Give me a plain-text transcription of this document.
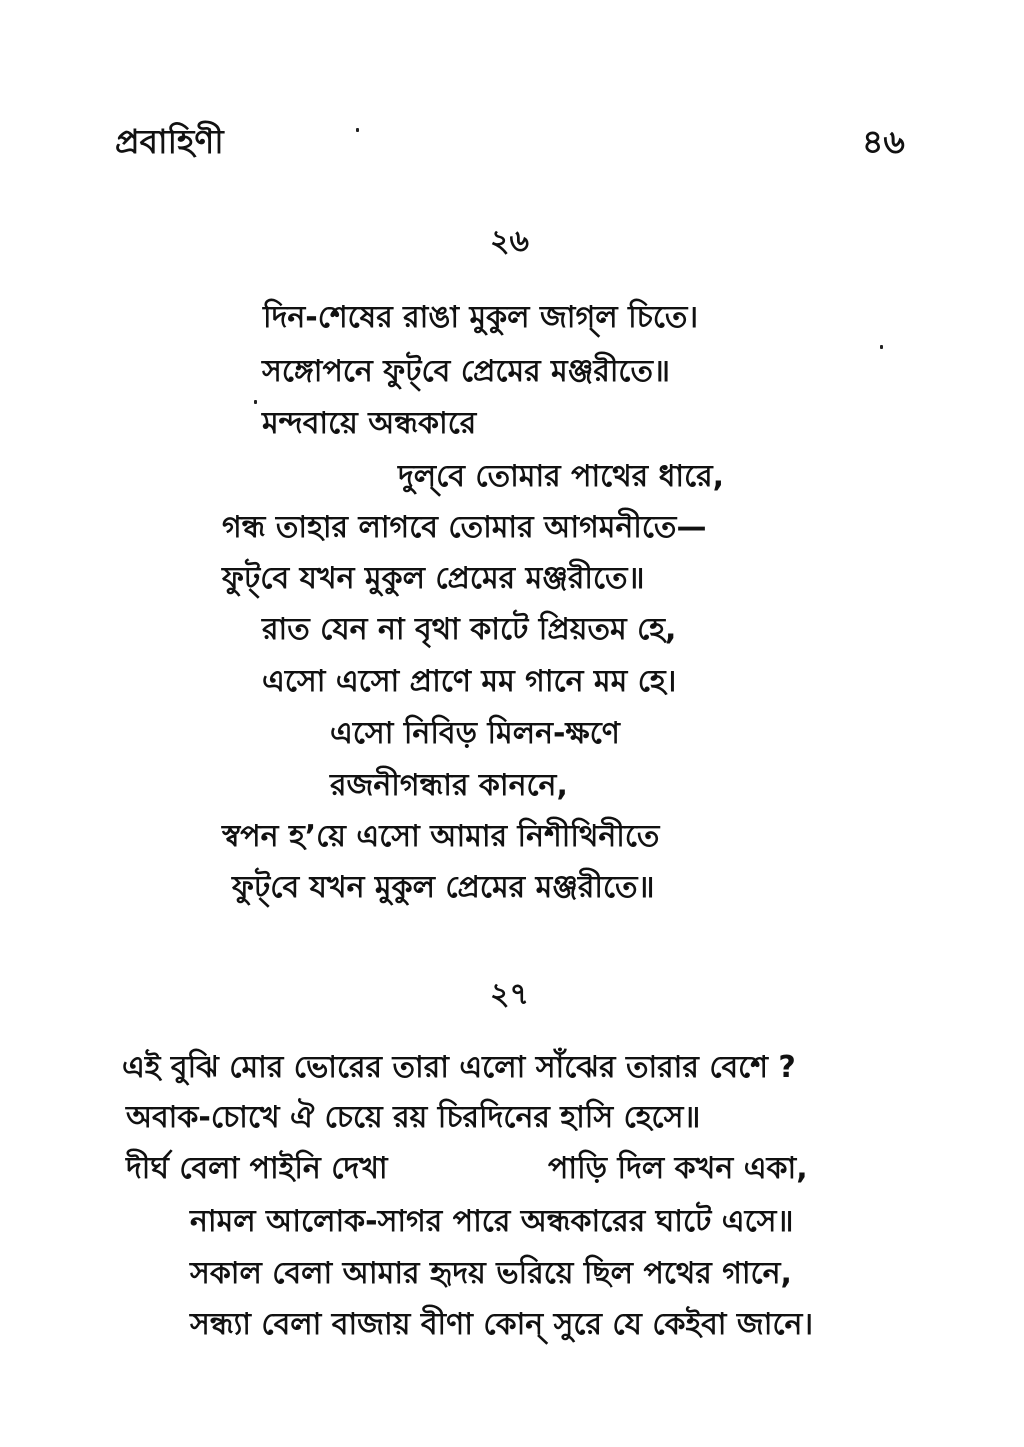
প্রবাহিণী	৪৬
২৬
দিন-শেষের রাঙা মুকুল জাগ্‌ল চিতে।
সঙ্গোপনে ফুট্‌বে প্রেমের মঞ্জরীতে॥
মন্দবায়ে অন্ধকারে
দুল্‌বে তোমার পাথের ধারে,
গন্ধ তাহার লাগবে তোমার আগমনীতে—
ফুট্‌বে যখন মুকুল প্রেমের মঞ্জরীতে॥
রাত যেন না বৃথা কাটে প্রিয়তম হে,
এসো এসো প্রাণে মম গানে মম হে।
এসো নিবিড় মিলন-ক্ষণে
রজনীগন্ধার কাননে,
স্বপন হ’য়ে এসো আমার নিশীথিনীতে
ফুট্‌বে যখন মুকুল প্রেমের মঞ্জরীতে॥
২৭
এই বুঝি মোর ভোরের তারা এলো সাঁঝের তারার বেশে ?
অবাক-চোখে ঐ চেয়ে রয় চিরদিনের হাসি হেসে॥
দীর্ঘ বেলা পাইনি দেখা	পাড়ি দিল কখন একা,
নামল আলোক-সাগর পারে অন্ধকারের ঘাটে এসে॥
সকাল বেলা আমার হৃদয় ভরিয়ে ছিল পথের গানে,
সন্ধ্যা বেলা বাজায় বীণা কোন্‌ সুরে যে কেইবা জানে।
